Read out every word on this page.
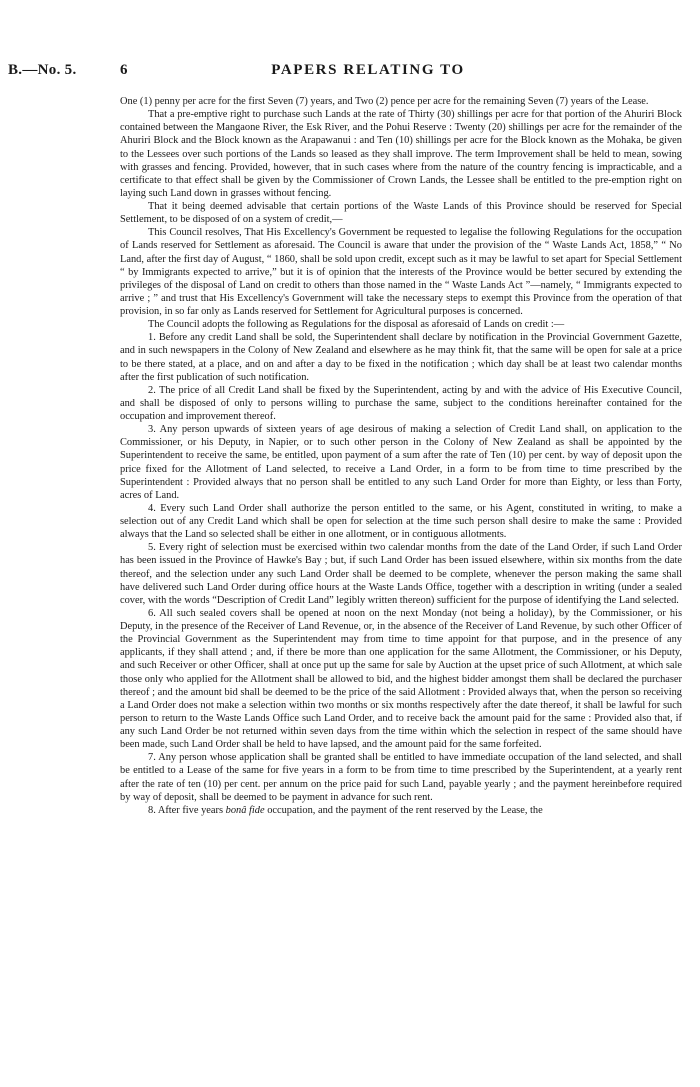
B.—No. 5.	6	PAPERS RELATING TO

One (1) penny per acre for the first Seven (7) years, and Two (2) pence per acre for the remaining Seven (7) years of the Lease.

That a pre-emptive right to purchase such Lands at the rate of Thirty (30) shillings per acre for that portion of the Ahuriri Block contained between the Mangaone River, the Esk River, and the Pohui Reserve : Twenty (20) shillings per acre for the remainder of the Ahuriri Block and the Block known as the Arapawanui : and Ten (10) shillings per acre for the Block known as the Mohaka, be given to the Lessees over such portions of the Lands so leased as they shall improve. The term Improvement shall be held to mean, sowing with grasses and fencing. Provided, however, that in such cases where from the nature of the country fencing is impracticable, and a certificate to that effect shall be given by the Commissioner of Crown Lands, the Lessee shall be entitled to the pre-emption right on laying such Land down in grasses without fencing.

That it being deemed advisable that certain portions of the Waste Lands of this Province should be reserved for Special Settlement, to be disposed of on a system of credit,—

This Council resolves, That His Excellency's Government be requested to legalise the following Regulations for the occupation of Lands reserved for Settlement as aforesaid. The Council is aware that under the provision of the “ Waste Lands Act, 1858,” “ No Land, after the first day of August, “ 1860, shall be sold upon credit, except such as it may be lawful to set apart for Special Settlement “ by Immigrants expected to arrive,” but it is of opinion that the interests of the Province would be better secured by extending the privileges of the disposal of Land on credit to others than those named in the “ Waste Lands Act ”—namely, “ Immigrants expected to arrive ; ” and trust that His Excellency's Government will take the necessary steps to exempt this Province from the operation of that provision, in so far only as Lands reserved for Settlement for Agricultural purposes is concerned.

The Council adopts the following as Regulations for the disposal as aforesaid of Lands on credit :—

1. Before any credit Land shall be sold, the Superintendent shall declare by notification in the Provincial Government Gazette, and in such newspapers in the Colony of New Zealand and elsewhere as he may think fit, that the same will be open for sale at a price to be there stated, at a place, and on and after a day to be fixed in the notification ; which day shall be at least two calendar months after the first publication of such notification.

2. The price of all Credit Land shall be fixed by the Superintendent, acting by and with the advice of His Executive Council, and shall be disposed of only to persons willing to purchase the same, subject to the conditions hereinafter contained for the occupation and improvement thereof.

3. Any person upwards of sixteen years of age desirous of making a selection of Credit Land shall, on application to the Commissioner, or his Deputy, in Napier, or to such other person in the Colony of New Zealand as shall be appointed by the Superintendent to receive the same, be entitled, upon payment of a sum after the rate of Ten (10) per cent. by way of deposit upon the price fixed for the Allotment of Land selected, to receive a Land Order, in a form to be from time to time prescribed by the Superintendent : Provided always that no person shall be entitled to any such Land Order for more than Eighty, or less than Forty, acres of Land.

4. Every such Land Order shall authorize the person entitled to the same, or his Agent, constituted in writing, to make a selection out of any Credit Land which shall be open for selection at the time such person shall desire to make the same : Provided always that the Land so selected shall be either in one allotment, or in contiguous allotments.

5. Every right of selection must be exercised within two calendar months from the date of the Land Order, if such Land Order has been issued in the Province of Hawke's Bay ; but, if such Land Order has been issued elsewhere, within six months from the date thereof, and the selection under any such Land Order shall be deemed to be complete, whenever the person making the same shall have delivered such Land Order during office hours at the Waste Lands Office, together with a description in writing (under a sealed cover, with the words “Description of Credit Land” legibly written thereon) sufficient for the purpose of identifying the Land selected.

6. All such sealed covers shall be opened at noon on the next Monday (not being a holiday), by the Commissioner, or his Deputy, in the presence of the Receiver of Land Revenue, or, in the absence of the Receiver of Land Revenue, by such other Officer of the Provincial Government as the Superintendent may from time to time appoint for that purpose, and in the presence of any applicants, if they shall attend ; and, if there be more than one application for the same Allotment, the Commissioner, or his Deputy, and such Receiver or other Officer, shall at once put up the same for sale by Auction at the upset price of such Allotment, at which sale those only who applied for the Allotment shall be allowed to bid, and the highest bidder amongst them shall be declared the purchaser thereof ; and the amount bid shall be deemed to be the price of the said Allotment : Provided always that, when the person so receiving a Land Order does not make a selection within two months or six months respectively after the date thereof, it shall be lawful for such person to return to the Waste Lands Office such Land Order, and to receive back the amount paid for the same : Provided also that, if any such Land Order be not returned within seven days from the time within which the selection in respect of the same should have been made, such Land Order shall be held to have lapsed, and the amount paid for the same forfeited.

7. Any person whose application shall be granted shall be entitled to have immediate occupation of the land selected, and shall be entitled to a Lease of the same for five years in a form to be from time to time prescribed by the Superintendent, at a yearly rent after the rate of ten (10) per cent. per annum on the price paid for such Land, payable yearly ; and the payment hereinbefore required by way of deposit, shall be deemed to be payment in advance for such rent.

8. After five years bonâ fide occupation, and the payment of the rent reserved by the Lease, the
